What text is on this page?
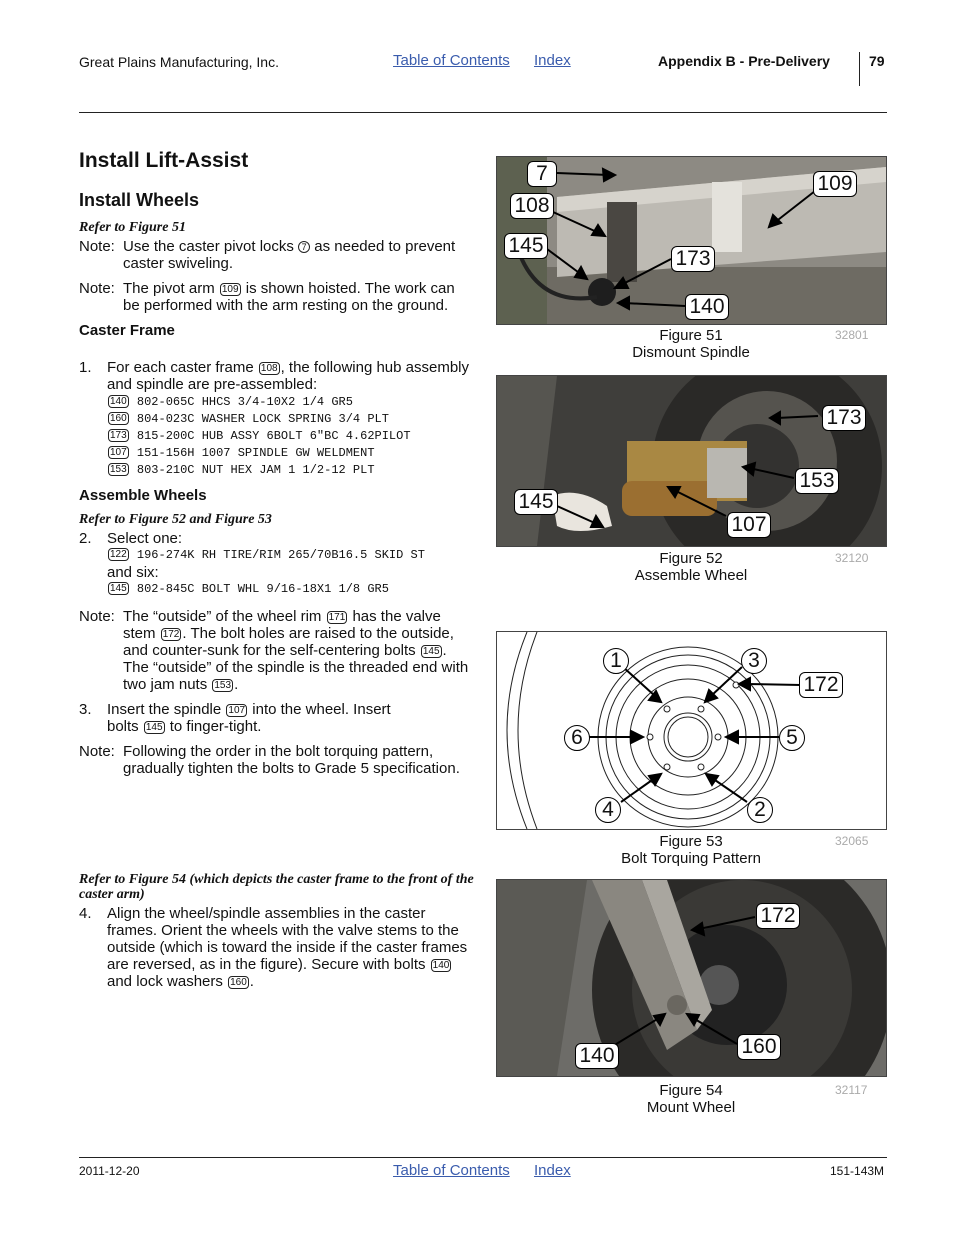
Great Plains Manufacturing, Inc.	Table of Contents Index	Appendix B - Pre-Delivery	79
Install Lift-Assist
Install Wheels
Refer to Figure 51
Note: Use the caster pivot locks 7 as needed to prevent caster swiveling.
Note: The pivot arm 109 is shown hoisted. The work can be performed with the arm resting on the ground.
Caster Frame
1. For each caster frame 108 , the following hub assembly and spindle are pre-assembled:
140 802-065C HHCS 3/4-10X2 1/4 GR5
160 804-023C WASHER LOCK SPRING 3/4 PLT
173 815-200C HUB ASSY 6BOLT 6"BC 4.62PILOT
107 151-156H 1007 SPINDLE GW WELDMENT
153 803-210C NUT HEX JAM 1 1/2-12 PLT
Assemble Wheels
Refer to Figure 52 and Figure 53
2. Select one:
122 196-274K RH TIRE/RIM 265/70B16.5 SKID ST
and six:
145 802-845C BOLT WHL 9/16-18X1 1/8 GR5
Note: The “outside” of the wheel rim 171 has the valve stem 172 . The bolt holes are raised to the outside, and counter-sunk for the self-centering bolts 145 . The “outside” of the spindle is the threaded end with two jam nuts 153 .
3. Insert the spindle 107 into the wheel. Insert bolts 145 to finger-tight.
Note: Following the order in the bolt torquing pattern, gradually tighten the bolts to Grade 5 specification.
Refer to Figure 54 (which depicts the caster frame to the front of the caster arm)
4. Align the wheel/spindle assemblies in the caster frames. Orient the wheels with the valve stems to the outside (which is toward the inside if the caster frames are reversed, as in the figure). Secure with bolts 140 and lock washers 160 .
7
108
145
109
173
140
Figure 51
Dismount Spindle
32801
173
153
145
107
Figure 52
Assemble Wheel
32120
1	3
172
6	5
4	2
Figure 53
Bolt Torquing Pattern
32065
172
140	160
Figure 54
Mount Wheel
32117
2011-12-20	Table of Contents Index	151-143M
